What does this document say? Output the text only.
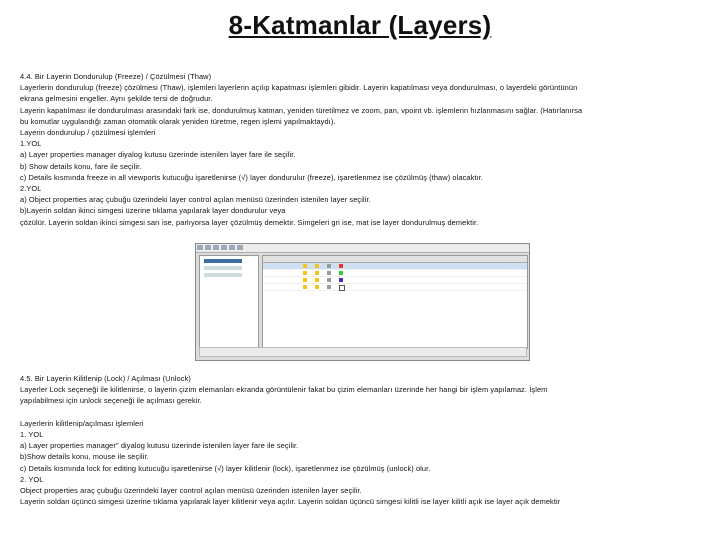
8-Katmanlar (Layers)
4.4. Bir Layerin Dondurulup (Freeze) / Çözülmesi (Thaw)
Layerlerin dondurulup (freeze) çözülmesi (Thaw), işlemleri layerlerin açılıp kapatması işlemleri gibidir. Layerin kapatılması veya dondurulması, o layerdeki görüntünün
ekrana gelmesini engeller. Aynı şekilde tersi de doğrudur.
Layerin kapatılması ile dondurulması arasındaki fark ise, dondurulmuş katman, yeniden türetilmez ve zoom, pan, vpoint vb. işlemlerin hızlanmasını sağlar. (Hatırlanırsa
bu komutlar uygulandığı zaman otomatik olarak yeniden türetme, regen işlemi yapılmaktaydı).
Layerin dondurulup / çözülmesi işlemleri
1.YOL
a) Layer properties manager diyalog kutusu üzerinde istenilen layer fare ile seçilir.
b) Show details konu, fare ile seçilir.
c) Details kısmında freeze in all viewports kutucuğu işaretlenirse (√) layer dondurulur (freeze), işaretlenmez ise çözülmüş (thaw) olacaktır.
2.YOL
a) Object properties araç çubuğu üzerindeki layer control açılan menüsü üzerinden istenilen layer seçilir.
b)Layerin soldan ikinci simgesi üzerine tıklama yapılarak layer dondurulur veya
çözülür. Layerin soldan ikinci simgesi sarı ise, parlıyorsa layer çözülmüş demektir. Simgeleri gri ise, mat ise layer dondurulmuş demektir.
4.5. Bir Layerin Kilitlenip (Lock) / Açılması (Unlock)
Layerler Lock seçeneği ile kilitlenirse, o layerin çizim elemanları ekranda görüntülenir fakat bu çizim elemanları üzerinde her hangi bir işlem yapılamaz. İşlem
yapılabilmesi için unlock seçeneği ile açılması gerekir.

Layerlerin kilitlenip/açılması işlemleri
1. YOL
a) Layer properties manager" diyalog kutusu üzerinde istenilen layer fare ile seçilir.
b)Show details konu, mouse ile seçilir.
c) Details kısmında lock for editing kutucuğu işaretlenirse (√) layer kilitlenir (lock), işaretlenmez ise çözülmüş (unlock) olur.
2. YOL
Object properties araç çubuğu üzerindeki layer control açılan menüsü üzerinden istenilen layer seçilir.
Layerin soldan üçüncü simgesi üzerine tıklama yapılarak layer kilitlenir veya açılır. Layerin soldan üçüncü simgesi kilitli ise layer kilitli açık ise layer açık demektir
